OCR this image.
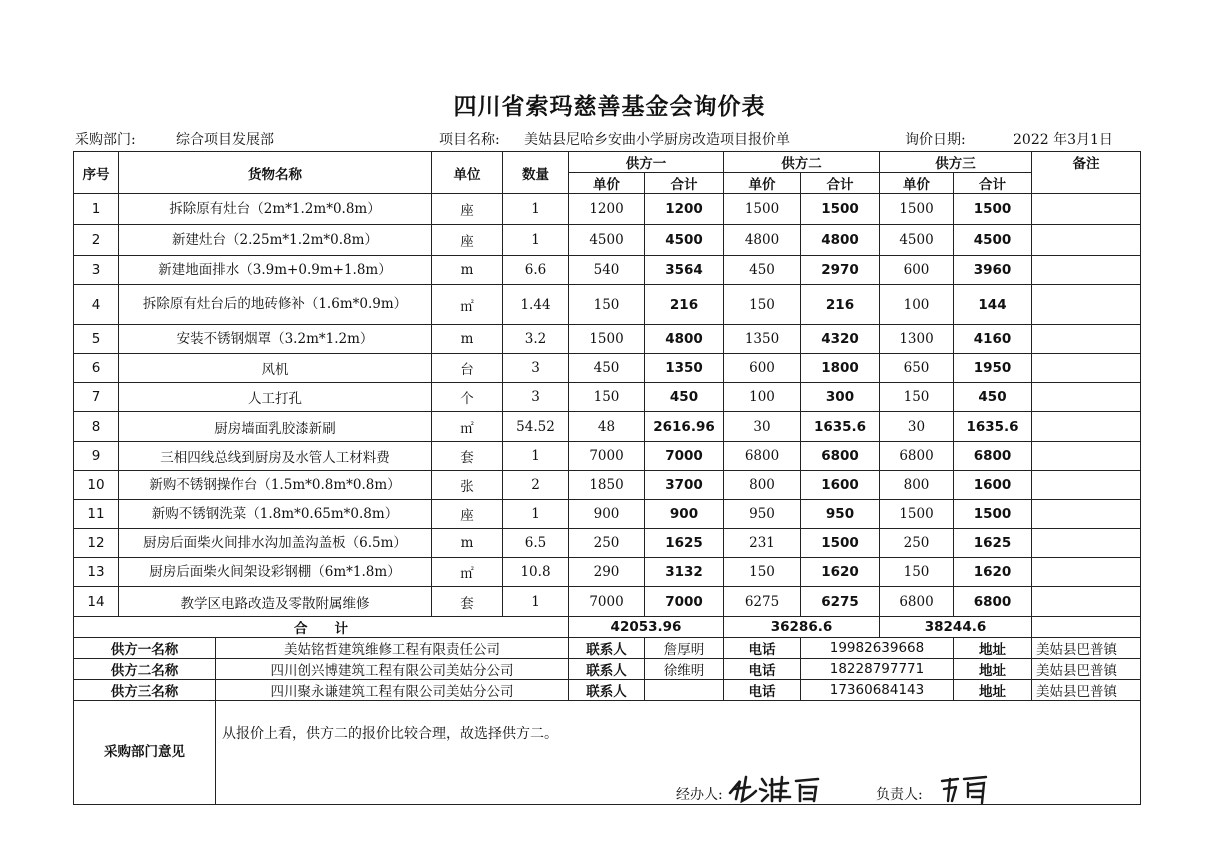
四川省索玛慈善基金会询价表
采购部门:	综合项目发展部	项目名称: 美姑县尼哈乡安曲小学厨房改造项目报价单	询价日期:	2022 年3月1日
序号	货物名称		单位	数量	供方一		供方二		供方三		备注
					单价	合计	单价	合计	单价	合计	
1	拆除原有灶台（2m*1.2m*0.8m）		座	1	1200	1200	1500	1500	1500	1500	
2	新建灶台（2.25m*1.2m*0.8m）		座	1	4500	4500	4800	4800	4500	4500	
3	新建地面排水（3.9m+0.9m+1.8m）		m	6.6	540	3564	450	2970	600	3960	
4	拆除原有灶台后的地砖修补（1.6m*0.9m）		㎡	1.44	150	216	150	216	100	144	
5	安装不锈钢烟罩（3.2m*1.2m）		m	3.2	1500	4800	1350	4320	1300	4160	
6	风机		台	3	450	1350	600	1800	650	1950	
7	人工打孔		个	3	150	450	100	300	150	450	
8	厨房墙面乳胶漆新刷		㎡	54.52	48	2616.96	30	1635.6	30	1635.6	
9	三相四线总线到厨房及水管人工材料费		套	1	7000	7000	6800	6800	6800	6800	
10	新购不锈钢操作台（1.5m*0.8m*0.8m）		张	2	1850	3700	800	1600	800	1600	
11	新购不锈钢洗菜（1.8m*0.65m*0.8m）		座	1	900	900	950	950	1500	1500	
12	厨房后面柴火间排水沟加盖沟盖板（6.5m）		m	6.5	250	1625	231	1500	250	1625	
13	厨房后面柴火间架设彩钢棚（6m*1.8m）		㎡	10.8	290	3132	150	1620	150	1620	
14	教学区电路改造及零散附属维修		套	1	7000	7000	6275	6275	6800	6800	
合　　计					42053.96		36286.6		38244.6		
供方一名称		美姑铭哲建筑维修工程有限责任公司			联系人	詹厚明	电话	19982639668		地址	美姑县巴普镇
供方二名称		四川创兴博建筑工程有限公司美姑分公司			联系人	徐维明	电话	18228797771		地址	美姑县巴普镇
供方三名称		四川聚永谦建筑工程有限公司美姑分公司			联系人		电话	17360684143		地址	美姑县巴普镇
采购部门意见		从报价上看，供方二的报价比较合理，故选择供方二。
经办人: 负责人:									
